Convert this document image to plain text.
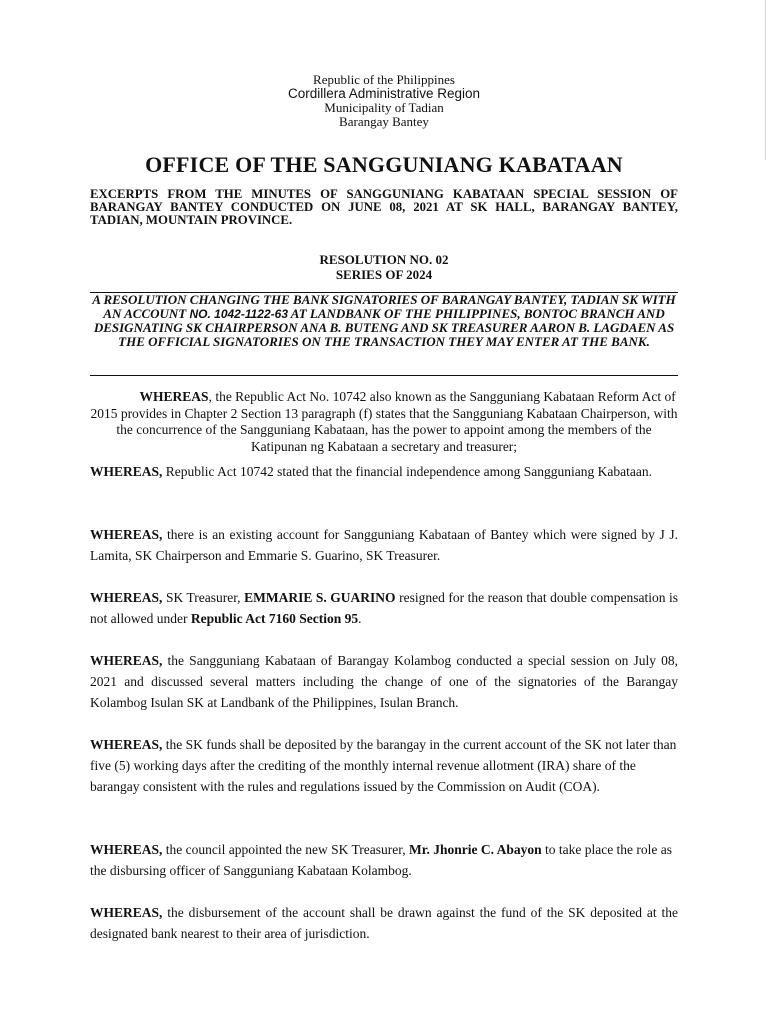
Republic of the Philippines
Cordillera Administrative Region
Municipality of Tadian
Barangay Bantey
OFFICE OF THE SANGGUNIANG KABATAAN
EXCERPTS FROM THE MINUTES OF SANGGUNIANG KABATAAN SPECIAL SESSION OF BARANGAY BANTEY CONDUCTED ON JUNE 08, 2021 AT SK HALL, BARANGAY BANTEY, TADIAN, MOUNTAIN PROVINCE.
RESOLUTION NO. 02
SERIES OF 2024
A RESOLUTION CHANGING THE BANK SIGNATORIES OF BARANGAY BANTEY, TADIAN SK WITH AN ACCOUNT NO. 1042-1122-63 AT LANDBANK OF THE PHILIPPINES, BONTOC BRANCH AND DESIGNATING SK CHAIRPERSON ANA B. BUTENG AND SK TREASURER AARON B. LAGDAEN AS THE OFFICIAL SIGNATORIES ON THE TRANSACTION THEY MAY ENTER AT THE BANK.
    WHEREAS, the Republic Act No. 10742 also known as the Sangguniang Kabataan Reform Act of 2015 provides in Chapter 2 Section 13 paragraph (f) states that the Sangguniang Kabataan Chairperson, with the concurrence of the Sangguniang Kabataan, has the power to appoint among the members of the Katipunan ng Kabataan a secretary and treasurer;
WHEREAS, Republic Act 10742 stated that the financial independence among Sangguniang Kabataan.
WHEREAS, there is an existing account for Sangguniang Kabataan of Bantey which were signed by J J. Lamita, SK Chairperson and Emmarie S. Guarino, SK Treasurer.
WHEREAS, SK Treasurer, EMMARIE S. GUARINO resigned for the reason that double compensation is not allowed under Republic Act 7160 Section 95.
WHEREAS, the Sangguniang Kabataan of Barangay Kolambog conducted a special session on July 08, 2021 and discussed several matters including the change of one of the signatories of the Barangay Kolambog Isulan SK at Landbank of the Philippines, Isulan Branch.
WHEREAS, the SK funds shall be deposited by the barangay in the current account of the SK not later than five (5) working days after the crediting of the monthly internal revenue allotment (IRA) share of the barangay consistent with the rules and regulations issued by the Commission on Audit (COA).
WHEREAS, the council appointed the new SK Treasurer, Mr. Jhonrie C. Abayon to take place the role as the disbursing officer of Sangguniang Kabataan Kolambog.
WHEREAS, the disbursement of the account shall be drawn against the fund of the SK deposited at the designated bank nearest to their area of jurisdiction.
